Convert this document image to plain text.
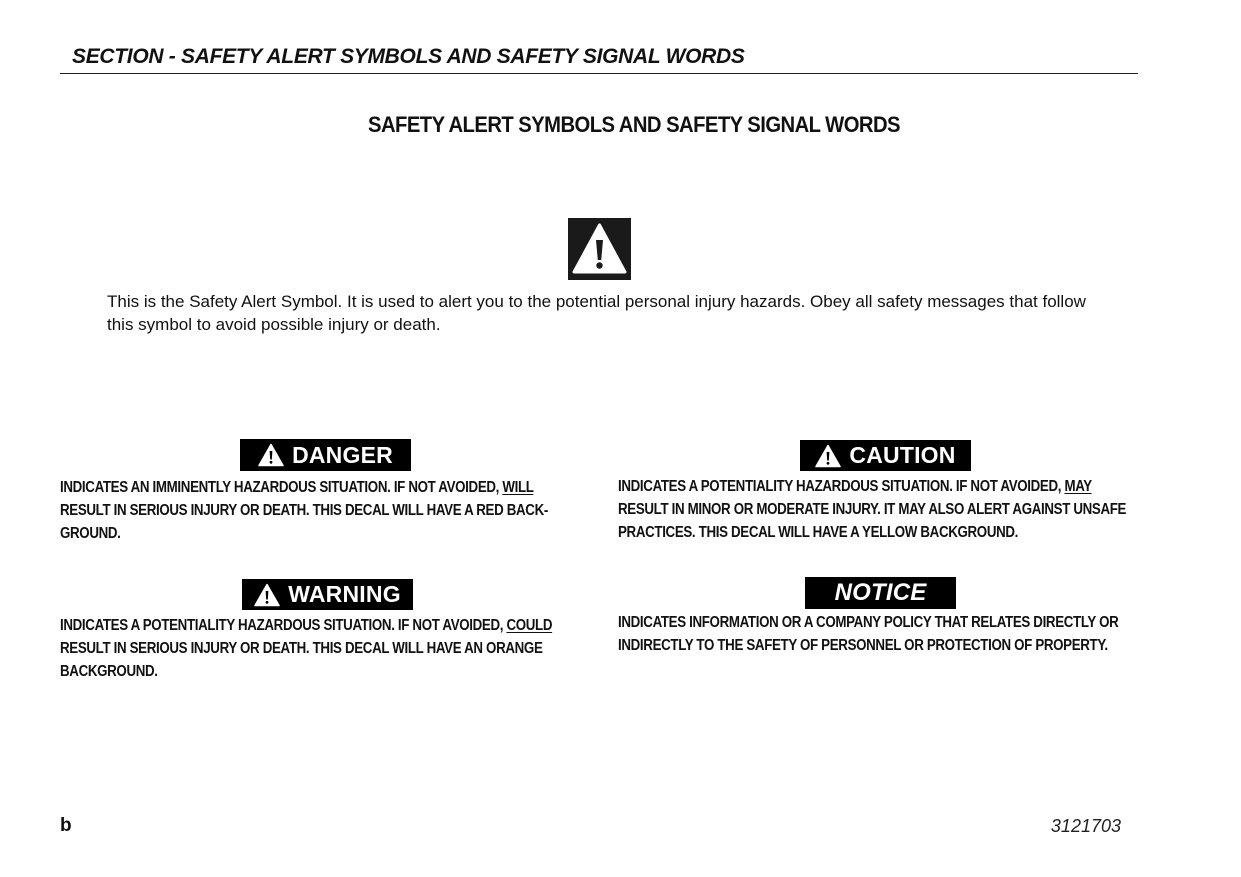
SECTION - SAFETY ALERT SYMBOLS AND SAFETY SIGNAL WORDS
SAFETY ALERT SYMBOLS AND SAFETY SIGNAL WORDS
This is the Safety Alert Symbol. It is used to alert you to the potential personal injury hazards. Obey all safety messages that follow this symbol to avoid possible injury or death.
DANGER
INDICATES AN IMMINENTLY HAZARDOUS SITUATION. IF NOT AVOIDED, WILL RESULT IN SERIOUS INJURY OR DEATH. THIS DECAL WILL HAVE A RED BACK-GROUND.
CAUTION
INDICATES A POTENTIALITY HAZARDOUS SITUATION. IF NOT AVOIDED, MAY RESULT IN MINOR OR MODERATE INJURY. IT MAY ALSO ALERT AGAINST UNSAFE PRACTICES. THIS DECAL WILL HAVE A YELLOW BACKGROUND.
WARNING
INDICATES A POTENTIALITY HAZARDOUS SITUATION. IF NOT AVOIDED, COULD RESULT IN SERIOUS INJURY OR DEATH. THIS DECAL WILL HAVE AN ORANGE BACKGROUND.
NOTICE
INDICATES INFORMATION OR A COMPANY POLICY THAT RELATES DIRECTLY OR INDIRECTLY TO THE SAFETY OF PERSONNEL OR PROTECTION OF PROPERTY.
b	3121703
